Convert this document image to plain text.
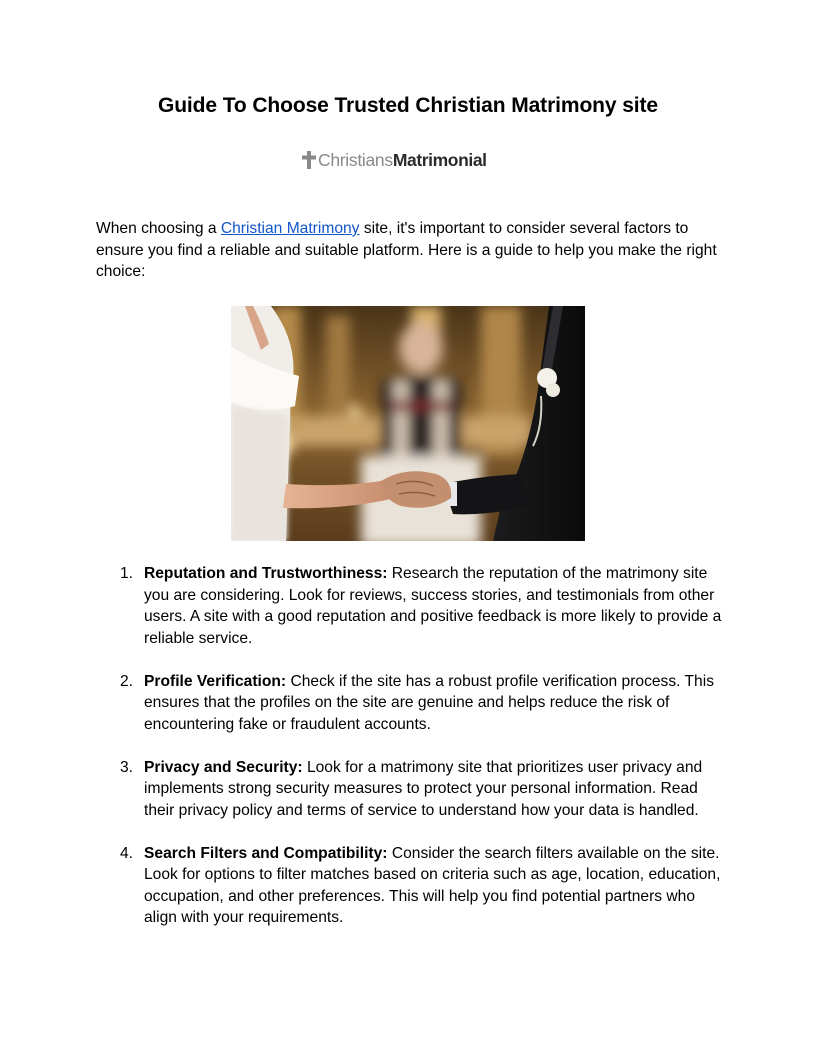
Guide To Choose Trusted Christian Matrimony site
Christians Matrimonial

When choosing a Christian Matrimony site, it's important to consider several factors to ensure you find a reliable and suitable platform. Here is a guide to help you make the right choice:

1. Reputation and Trustworthiness: Research the reputation of the matrimony site you are considering. Look for reviews, success stories, and testimonials from other users. A site with a good reputation and positive feedback is more likely to provide a reliable service.
2. Profile Verification: Check if the site has a robust profile verification process. This ensures that the profiles on the site are genuine and helps reduce the risk of encountering fake or fraudulent accounts.
3. Privacy and Security: Look for a matrimony site that prioritizes user privacy and implements strong security measures to protect your personal information. Read their privacy policy and terms of service to understand how your data is handled.
4. Search Filters and Compatibility: Consider the search filters available on the site. Look for options to filter matches based on criteria such as age, location, education, occupation, and other preferences. This will help you find potential partners who align with your requirements.
